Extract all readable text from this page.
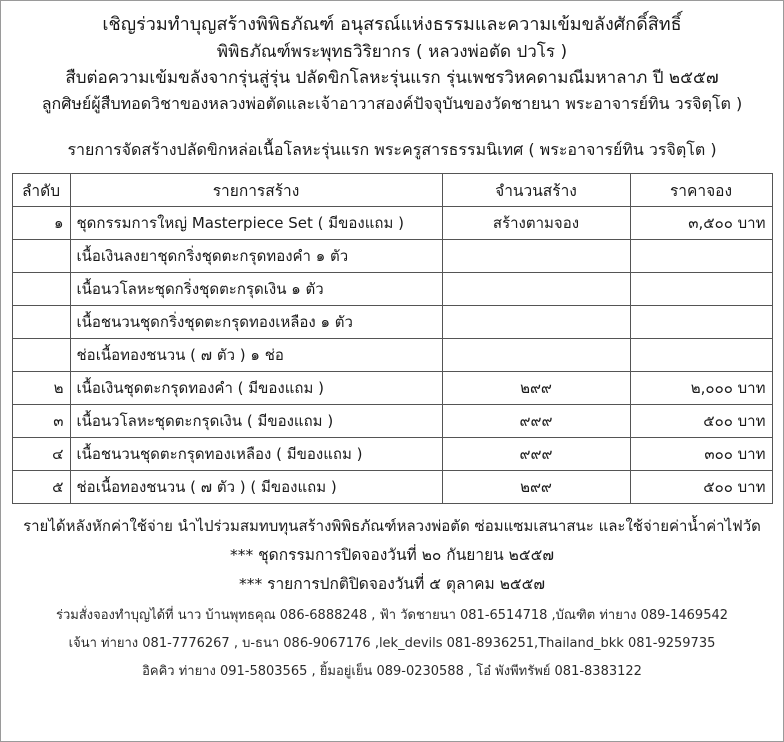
เชิญร่วมทำบุญสร้างพิพิธภัณฑ์ อนุสรณ์แห่งธรรมและความเข้มขลังศักดิ์สิทธิ์
พิพิธภัณฑ์พระพุทธวิริยากร ( หลวงพ่อตัด ปวโร )
สืบต่อความเข้มขลังจากรุ่นสู่รุ่น ปลัดขิกโลหะรุ่นแรก รุ่นเพชรวิหคดามณีมหาลาภ ปี ๒๕๕๗
ลูกศิษย์ผู้สืบทอดวิชาของหลวงพ่อตัดและเจ้าอาวาสองค์ปัจจุบันของวัดชายนา พระอาจารย์ทิน วรจิตฺโต )
รายการจัดสร้างปลัดขิกหล่อเนื้อโลหะรุ่นแรก พระครูสารธรรมนิเทศ ( พระอาจารย์ทิน วรจิตฺโต )
ลำดับ	รายการสร้าง	จำนวนสร้าง	ราคาจอง
๑	ชุดกรรมการใหญ่ Masterpiece Set ( มีของแถม )	สร้างตามจอง	๓,๕๐๐ บาท
	เนื้อเงินลงยาชุดกริ่งชุดตะกรุดทองคำ ๑ ตัว		
	เนื้อนวโลหะชุดกริ่งชุดตะกรุดเงิน ๑ ตัว		
	เนื้อชนวนชุดกริ่งชุดตะกรุดทองเหลือง ๑ ตัว		
	ช่อเนื้อทองชนวน ( ๗ ตัว ) ๑ ช่อ		
๒	เนื้อเงินชุดตะกรุดทองคำ ( มีของแถม )	๒๙๙	๒,๐๐๐ บาท
๓	เนื้อนวโลหะชุดตะกรุดเงิน ( มีของแถม )	๙๙๙	๕๐๐ บาท
๔	เนื้อชนวนชุดตะกรุดทองเหลือง ( มีของแถม )	๙๙๙	๓๐๐ บาท
๕	ช่อเนื้อทองชนวน ( ๗ ตัว ) ( มีของแถม )	๒๙๙	๕๐๐ บาท
รายได้หลังหักค่าใช้จ่าย นำไปร่วมสมทบทุนสร้างพิพิธภัณฑ์หลวงพ่อตัด ซ่อมแซมเสนาสนะ และใช้จ่ายค่าน้ำค่าไฟวัด
*** ชุดกรรมการปิดจองวันที่ ๒๐ กันยายน ๒๕๕๗
*** รายการปกติปิดจองวันที่ ๕ ตุลาคม ๒๕๕๗
ร่วมสั่งจองทำบุญได้ที่ นาว บ้านพุทธคุณ 086-6888248 , ฟ้า วัดชายนา 081-6514718 ,บัณฑิต ท่ายาง 089-1469542
เจ้นา ท่ายาง 081-7776267 , บ-ธนา 086-9067176 ,lek_devils 081-8936251,Thailand_bkk 081-9259735
อิคคิว ท่ายาง 091-5803565 , ยิ้มอยู่เย็น 089-0230588 , โอ๋ พังพีทรัพย์ 081-8383122
